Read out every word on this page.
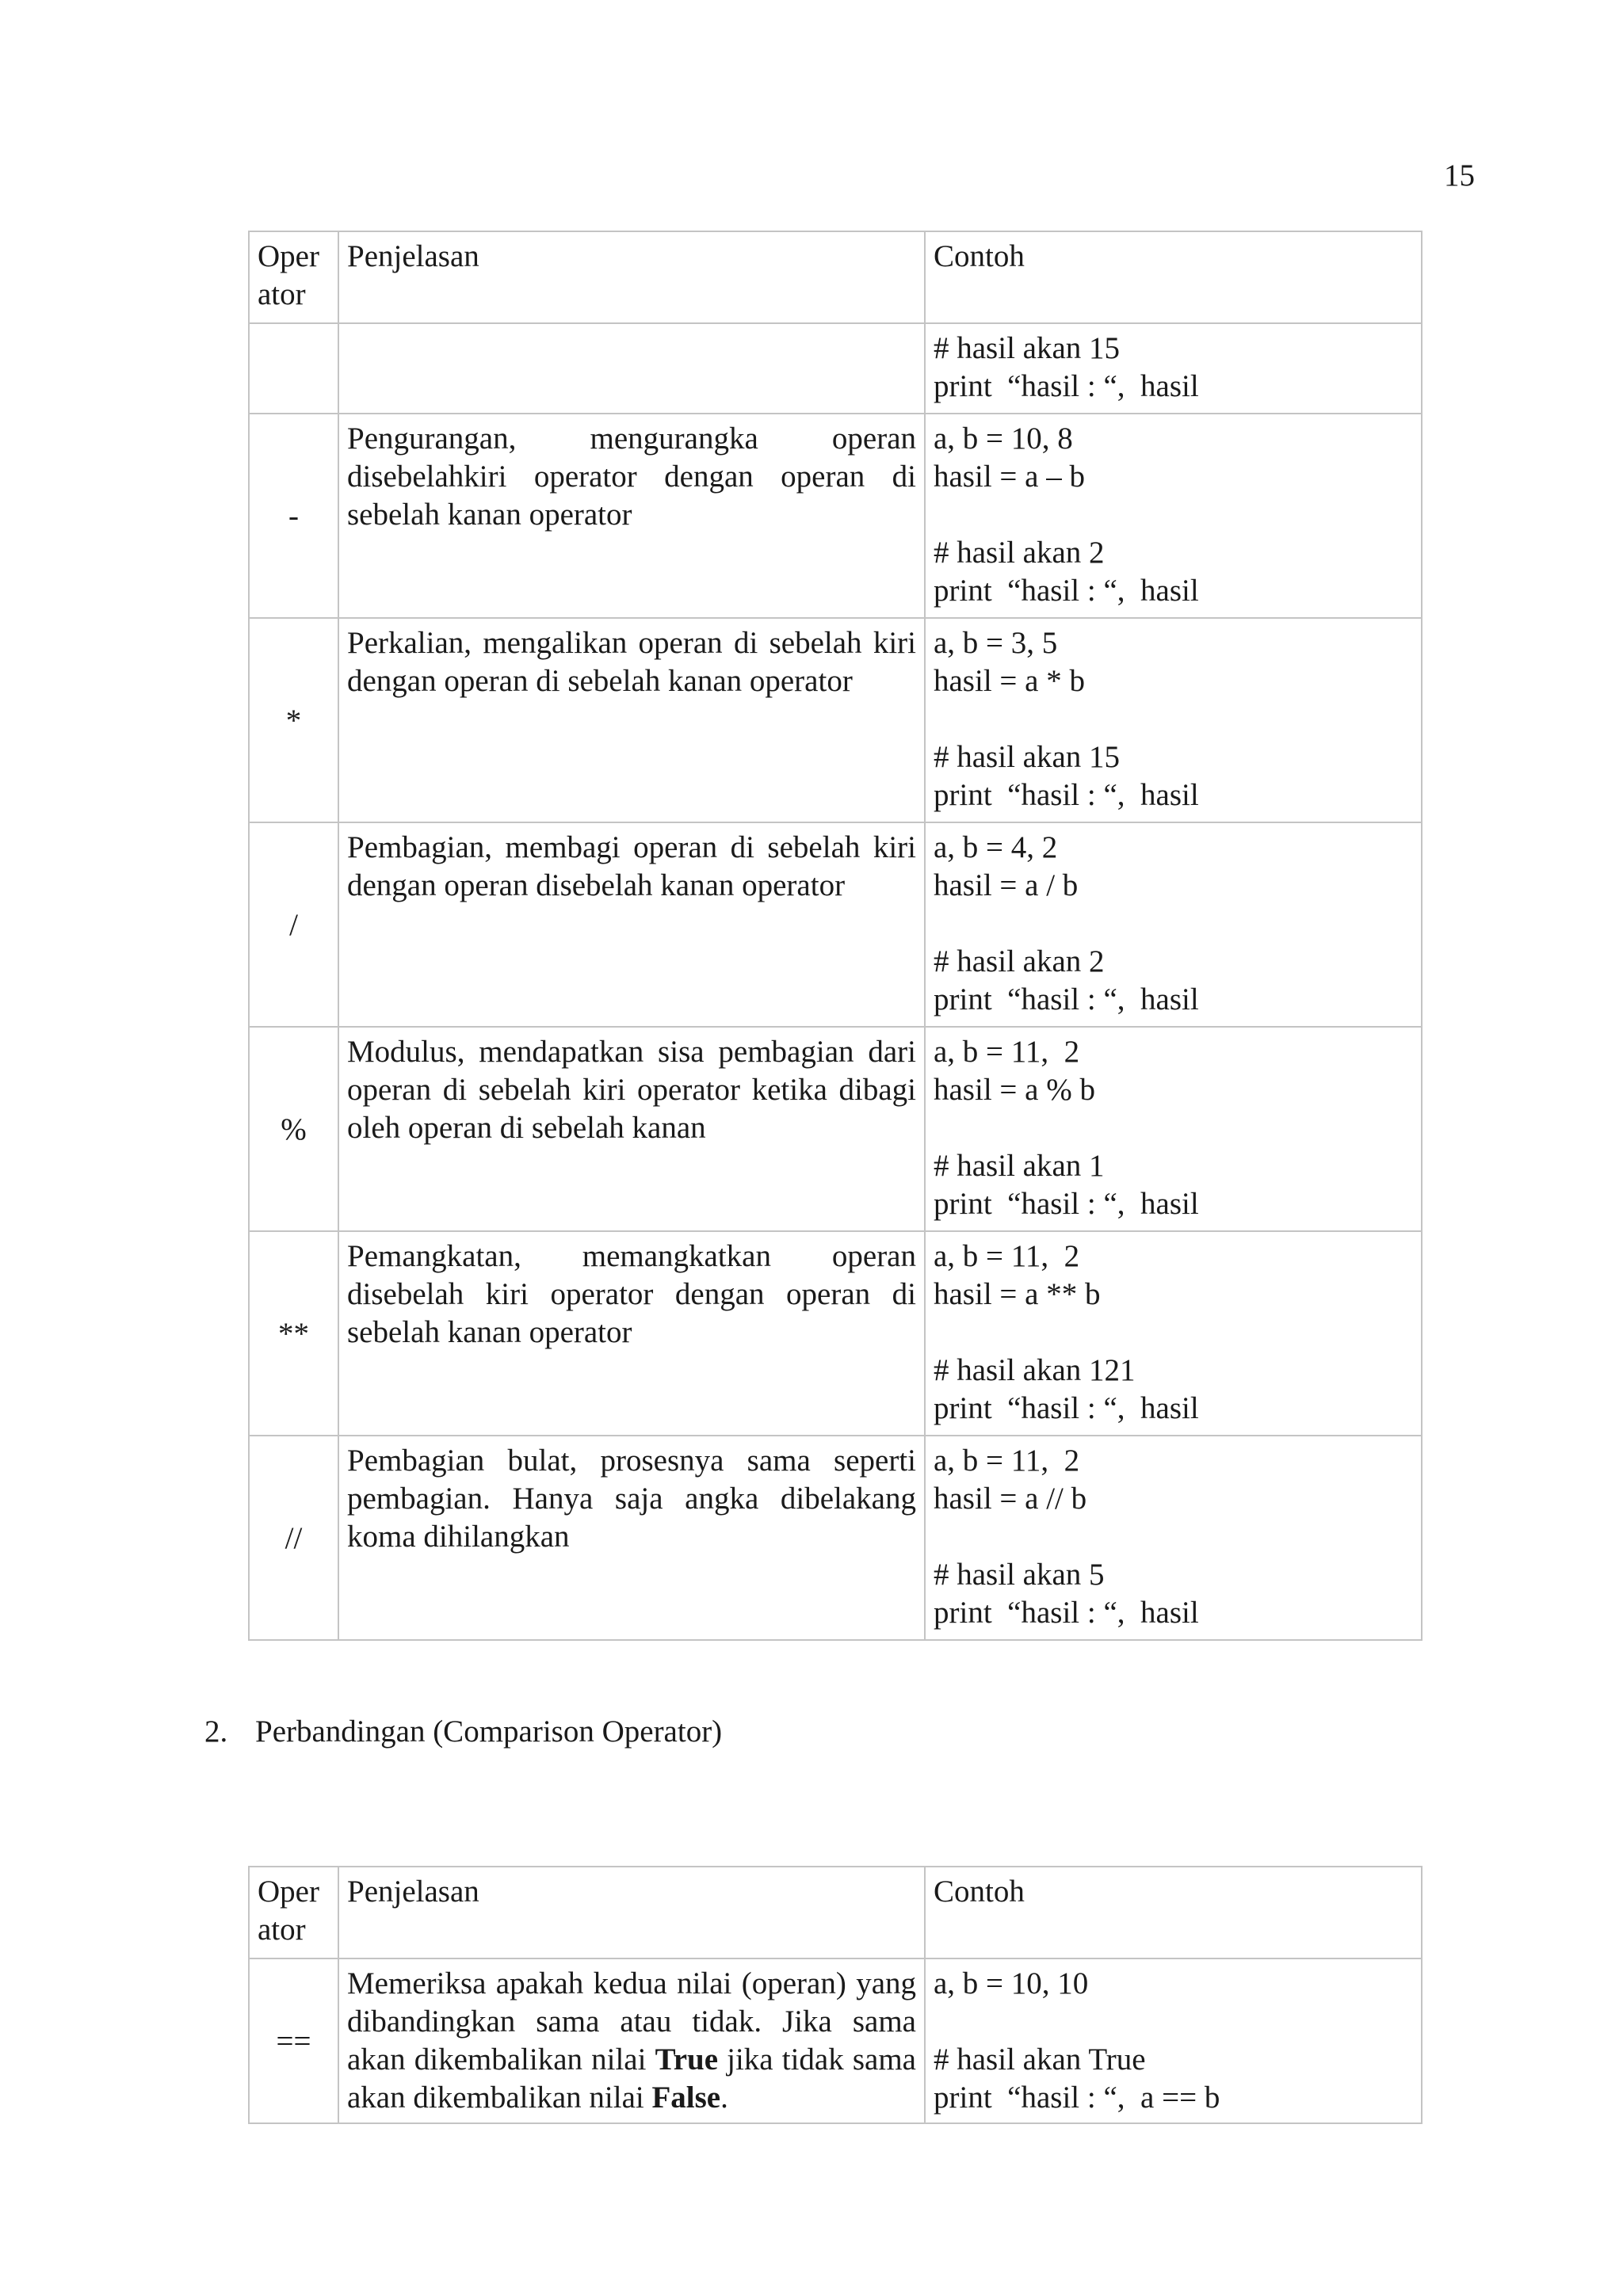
15
Operator	Penjelasan	Contoh

		# hasil akan 15
print  “hasil : “,  hasil

-	Pengurangan, mengurangka operan disebelahkiri operator dengan operan di sebelah kanan operator	a, b = 10, 8
hasil = a – b
# hasil akan 2
print  “hasil : “,  hasil

*	Perkalian, mengalikan operan di sebelah kiri dengan operan di sebelah kanan operator	a, b = 3, 5
hasil = a * b
# hasil akan 15
print  “hasil : “,  hasil

/	Pembagian, membagi operan di sebelah kiri dengan operan disebelah kanan operator	a, b = 4, 2
hasil = a / b
# hasil akan 2
print  “hasil : “,  hasil

%	Modulus, mendapatkan sisa pembagian dari operan di sebelah kiri operator ketika dibagi oleh operan di sebelah kanan	a, b = 11,  2
hasil = a % b
# hasil akan 1
print  “hasil : “,  hasil

**	Pemangkatan, memangkatkan operan disebelah kiri operator dengan operan di sebelah kanan operator	a, b = 11,  2
hasil = a ** b
# hasil akan 121
print  “hasil : “,  hasil

//	Pembagian bulat, prosesnya sama seperti pembagian. Hanya saja angka dibelakang koma dihilangkan	a, b = 11,  2
hasil = a // b
# hasil akan 5
print  “hasil : “,  hasil
2. Perbandingan (Comparison Operator)
Operator	Penjelasan	Contoh
==	Memeriksa apakah kedua nilai (operan) yang dibandingkan sama atau tidak. Jika sama akan dikembalikan nilai True jika tidak sama akan dikembalikan nilai False.	a, b = 10, 10
# hasil akan True
print  “hasil : “,  a == b
